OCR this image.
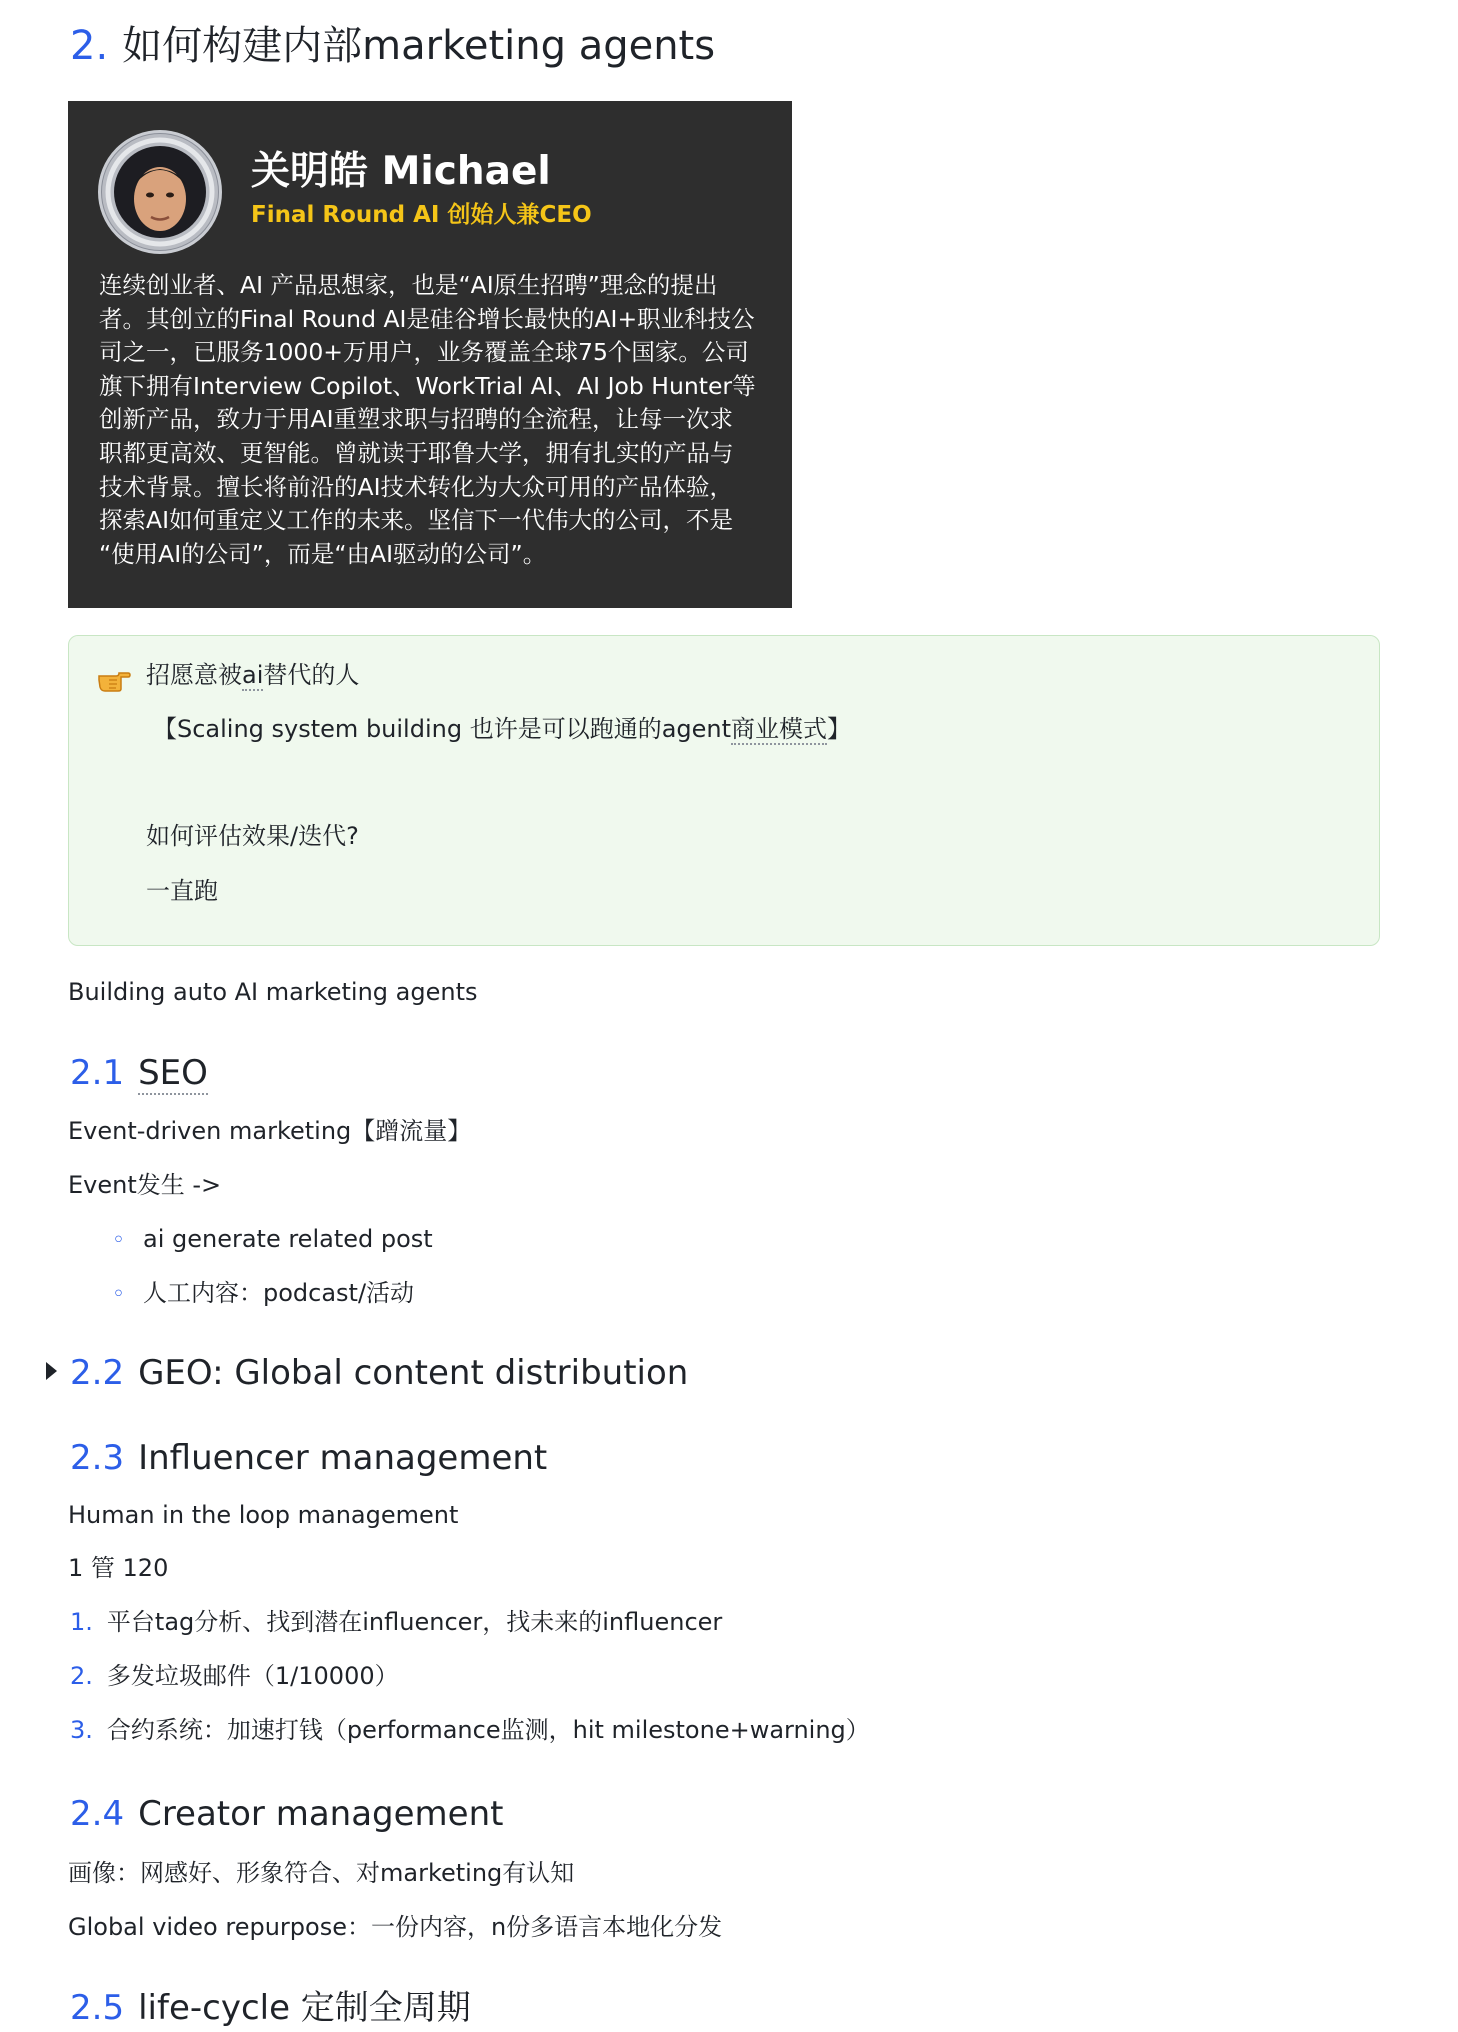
2. 如何构建内部marketing agents
关明皓 Michael
Final Round AI 创始人兼CEO
连续创业者、AI 产品思想家，也是“AI原生招聘”理念的提出
者。其创立的Final Round AI是硅谷增长最快的AI+职业科技公
司之一，已服务1000+万用户，业务覆盖全球75个国家。公司
旗下拥有Interview Copilot、WorkTrial AI、AI Job Hunter等
创新产品，致力于用AI重塑求职与招聘的全流程，让每一次求
职都更高效、更智能。曾就读于耶鲁大学，拥有扎实的产品与
技术背景。擅长将前沿的AI技术转化为大众可用的产品体验，
探索AI如何重定义工作的未来。坚信下一代伟大的公司，不是
“使用AI的公司”，而是“由AI驱动的公司”。
招愿意被ai替代的人
【Scaling system building 也许是可以跑通的agent商业模式】
如何评估效果/迭代?
一直跑
Building auto AI marketing agents
2.1 SEO
Event-driven marketing【蹭流量】
Event发生 ->
◦ ai generate related post
◦ 人工内容：podcast/活动
2.2 GEO: Global content distribution
2.3 Influencer management
Human in the loop management
1 管 120
1. 平台tag分析、找到潜在influencer，找未来的influencer
2. 多发垃圾邮件（1/10000）
3. 合约系统：加速打钱（performance监测，hit milestone+warning）
2.4 Creator management
画像：网感好、形象符合、对marketing有认知
Global video repurpose：一份内容，n份多语言本地化分发
2.5 life-cycle 定制全周期
